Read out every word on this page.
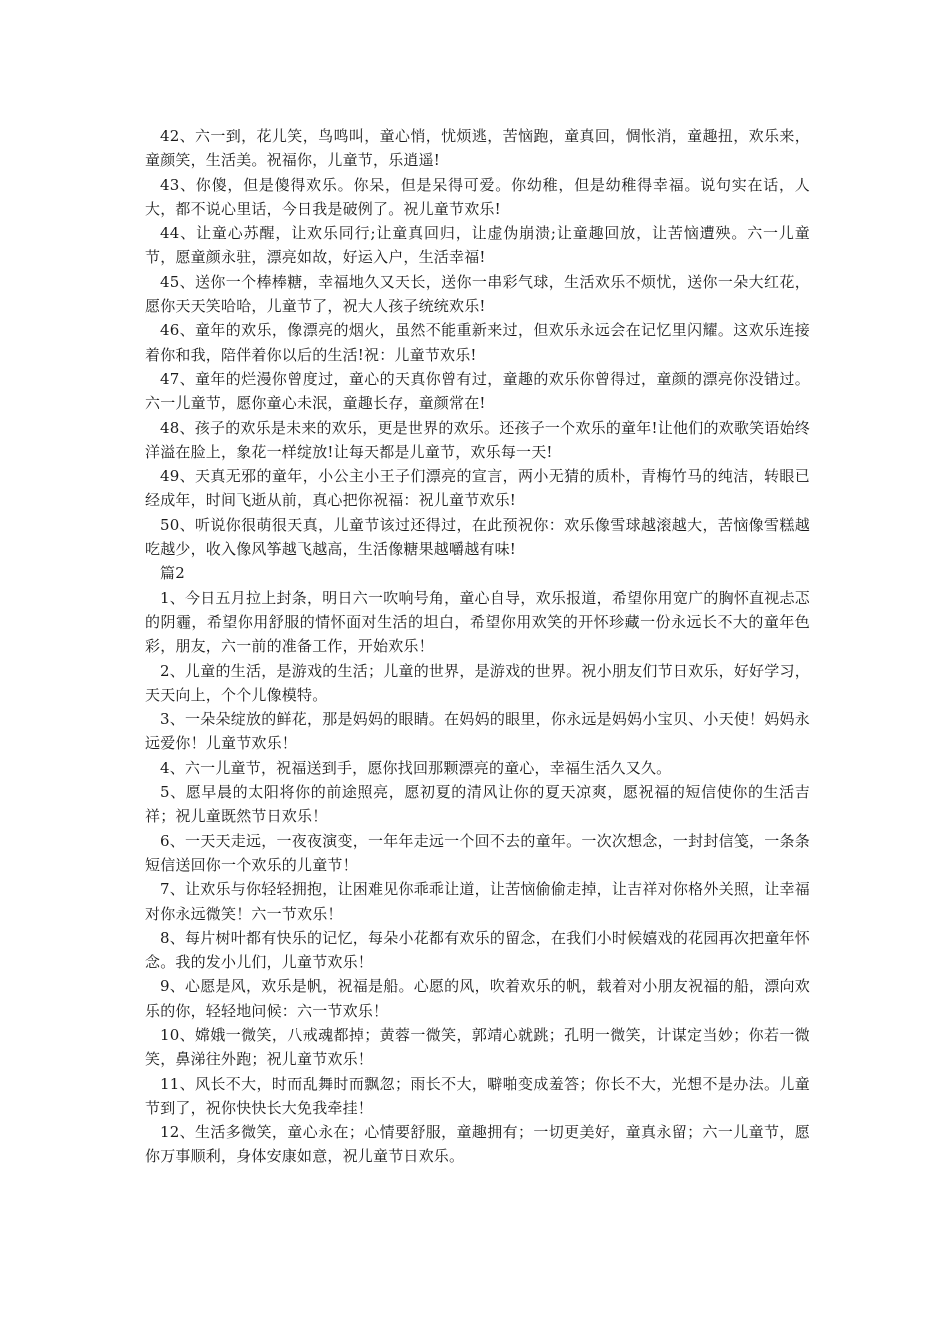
42、六一到，花儿笑，鸟鸣叫，童心悄，忧烦逃，苦恼跑，童真回，惆怅消，童趣扭，欢乐来，童颜笑，生活美。祝福你，儿童节，乐逍遥!

43、你傻，但是傻得欢乐。你呆，但是呆得可爱。你幼稚，但是幼稚得幸福。说句实在话，人大，都不说心里话，今日我是破例了。祝儿童节欢乐!

44、让童心苏醒，让欢乐同行;让童真回归，让虚伪崩溃;让童趣回放，让苦恼遭殃。六一儿童节，愿童颜永驻，漂亮如故，好运入户，生活幸福!

45、送你一个棒棒糖，幸福地久又天长，送你一串彩气球，生活欢乐不烦忧，送你一朵大红花，愿你天天笑哈哈，儿童节了，祝大人孩子统统欢乐!

46、童年的欢乐，像漂亮的烟火，虽然不能重新来过，但欢乐永远会在记忆里闪耀。这欢乐连接着你和我，陪伴着你以后的生活!祝：儿童节欢乐!

47、童年的烂漫你曾度过，童心的天真你曾有过，童趣的欢乐你曾得过，童颜的漂亮你没错过。六一儿童节，愿你童心未泯，童趣长存，童颜常在!

48、孩子的欢乐是未来的欢乐，更是世界的欢乐。还孩子一个欢乐的童年!让他们的欢歌笑语始终洋溢在脸上，象花一样绽放!让每天都是儿童节，欢乐每一天!

49、天真无邪的童年，小公主小王子们漂亮的宣言，两小无猜的质朴，青梅竹马的纯洁，转眼已经成年，时间飞逝从前，真心把你祝福：祝儿童节欢乐!

50、听说你很萌很天真，儿童节该过还得过，在此预祝你：欢乐像雪球越滚越大，苦恼像雪糕越吃越少，收入像风筝越飞越高，生活像糖果越嚼越有味!

篇2

1、今日五月拉上封条，明日六一吹响号角，童心自导，欢乐报道，希望你用宽广的胸怀直视忐忑的阴霾，希望你用舒服的情怀面对生活的坦白，希望你用欢笑的开怀珍藏一份永远长不大的童年色彩，朋友，六一前的准备工作，开始欢乐！

2、儿童的生活，是游戏的生活；儿童的世界，是游戏的世界。祝小朋友们节日欢乐，好好学习，天天向上，个个儿像模特。

3、一朵朵绽放的鲜花，那是妈妈的眼睛。在妈妈的眼里，你永远是妈妈小宝贝、小天使！妈妈永远爱你！儿童节欢乐！

4、六一儿童节，祝福送到手，愿你找回那颗漂亮的童心，幸福生活久又久。

5、愿早晨的太阳将你的前途照亮，愿初夏的清风让你的夏天凉爽，愿祝福的短信使你的生活吉祥；祝儿童既然节日欢乐！

6、一天天走远，一夜夜演变，一年年走远一个回不去的童年。一次次想念，一封封信笺，一条条短信送回你一个欢乐的儿童节！

7、让欢乐与你轻轻拥抱，让困难见你乖乖让道，让苦恼偷偷走掉，让吉祥对你格外关照，让幸福对你永远微笑！六一节欢乐！

8、每片树叶都有快乐的记忆，每朵小花都有欢乐的留念，在我们小时候嬉戏的花园再次把童年怀念。我的发小儿们，儿童节欢乐！

9、心愿是风，欢乐是帆，祝福是船。心愿的风，吹着欢乐的帆，载着对小朋友祝福的船，漂向欢乐的你，轻轻地问候：六一节欢乐！

10、嫦娥一微笑，八戒魂都掉；黄蓉一微笑，郭靖心就跳；孔明一微笑，计谋定当妙；你若一微笑，鼻涕往外跑；祝儿童节欢乐！

11、风长不大，时而乱舞时而飘忽；雨长不大，噼啪变成羞答；你长不大，光想不是办法。儿童节到了，祝你快快长大免我牵挂！

12、生活多微笑，童心永在；心情要舒服，童趣拥有；一切更美好，童真永留；六一儿童节，愿你万事顺利，身体安康如意，祝儿童节日欢乐。
